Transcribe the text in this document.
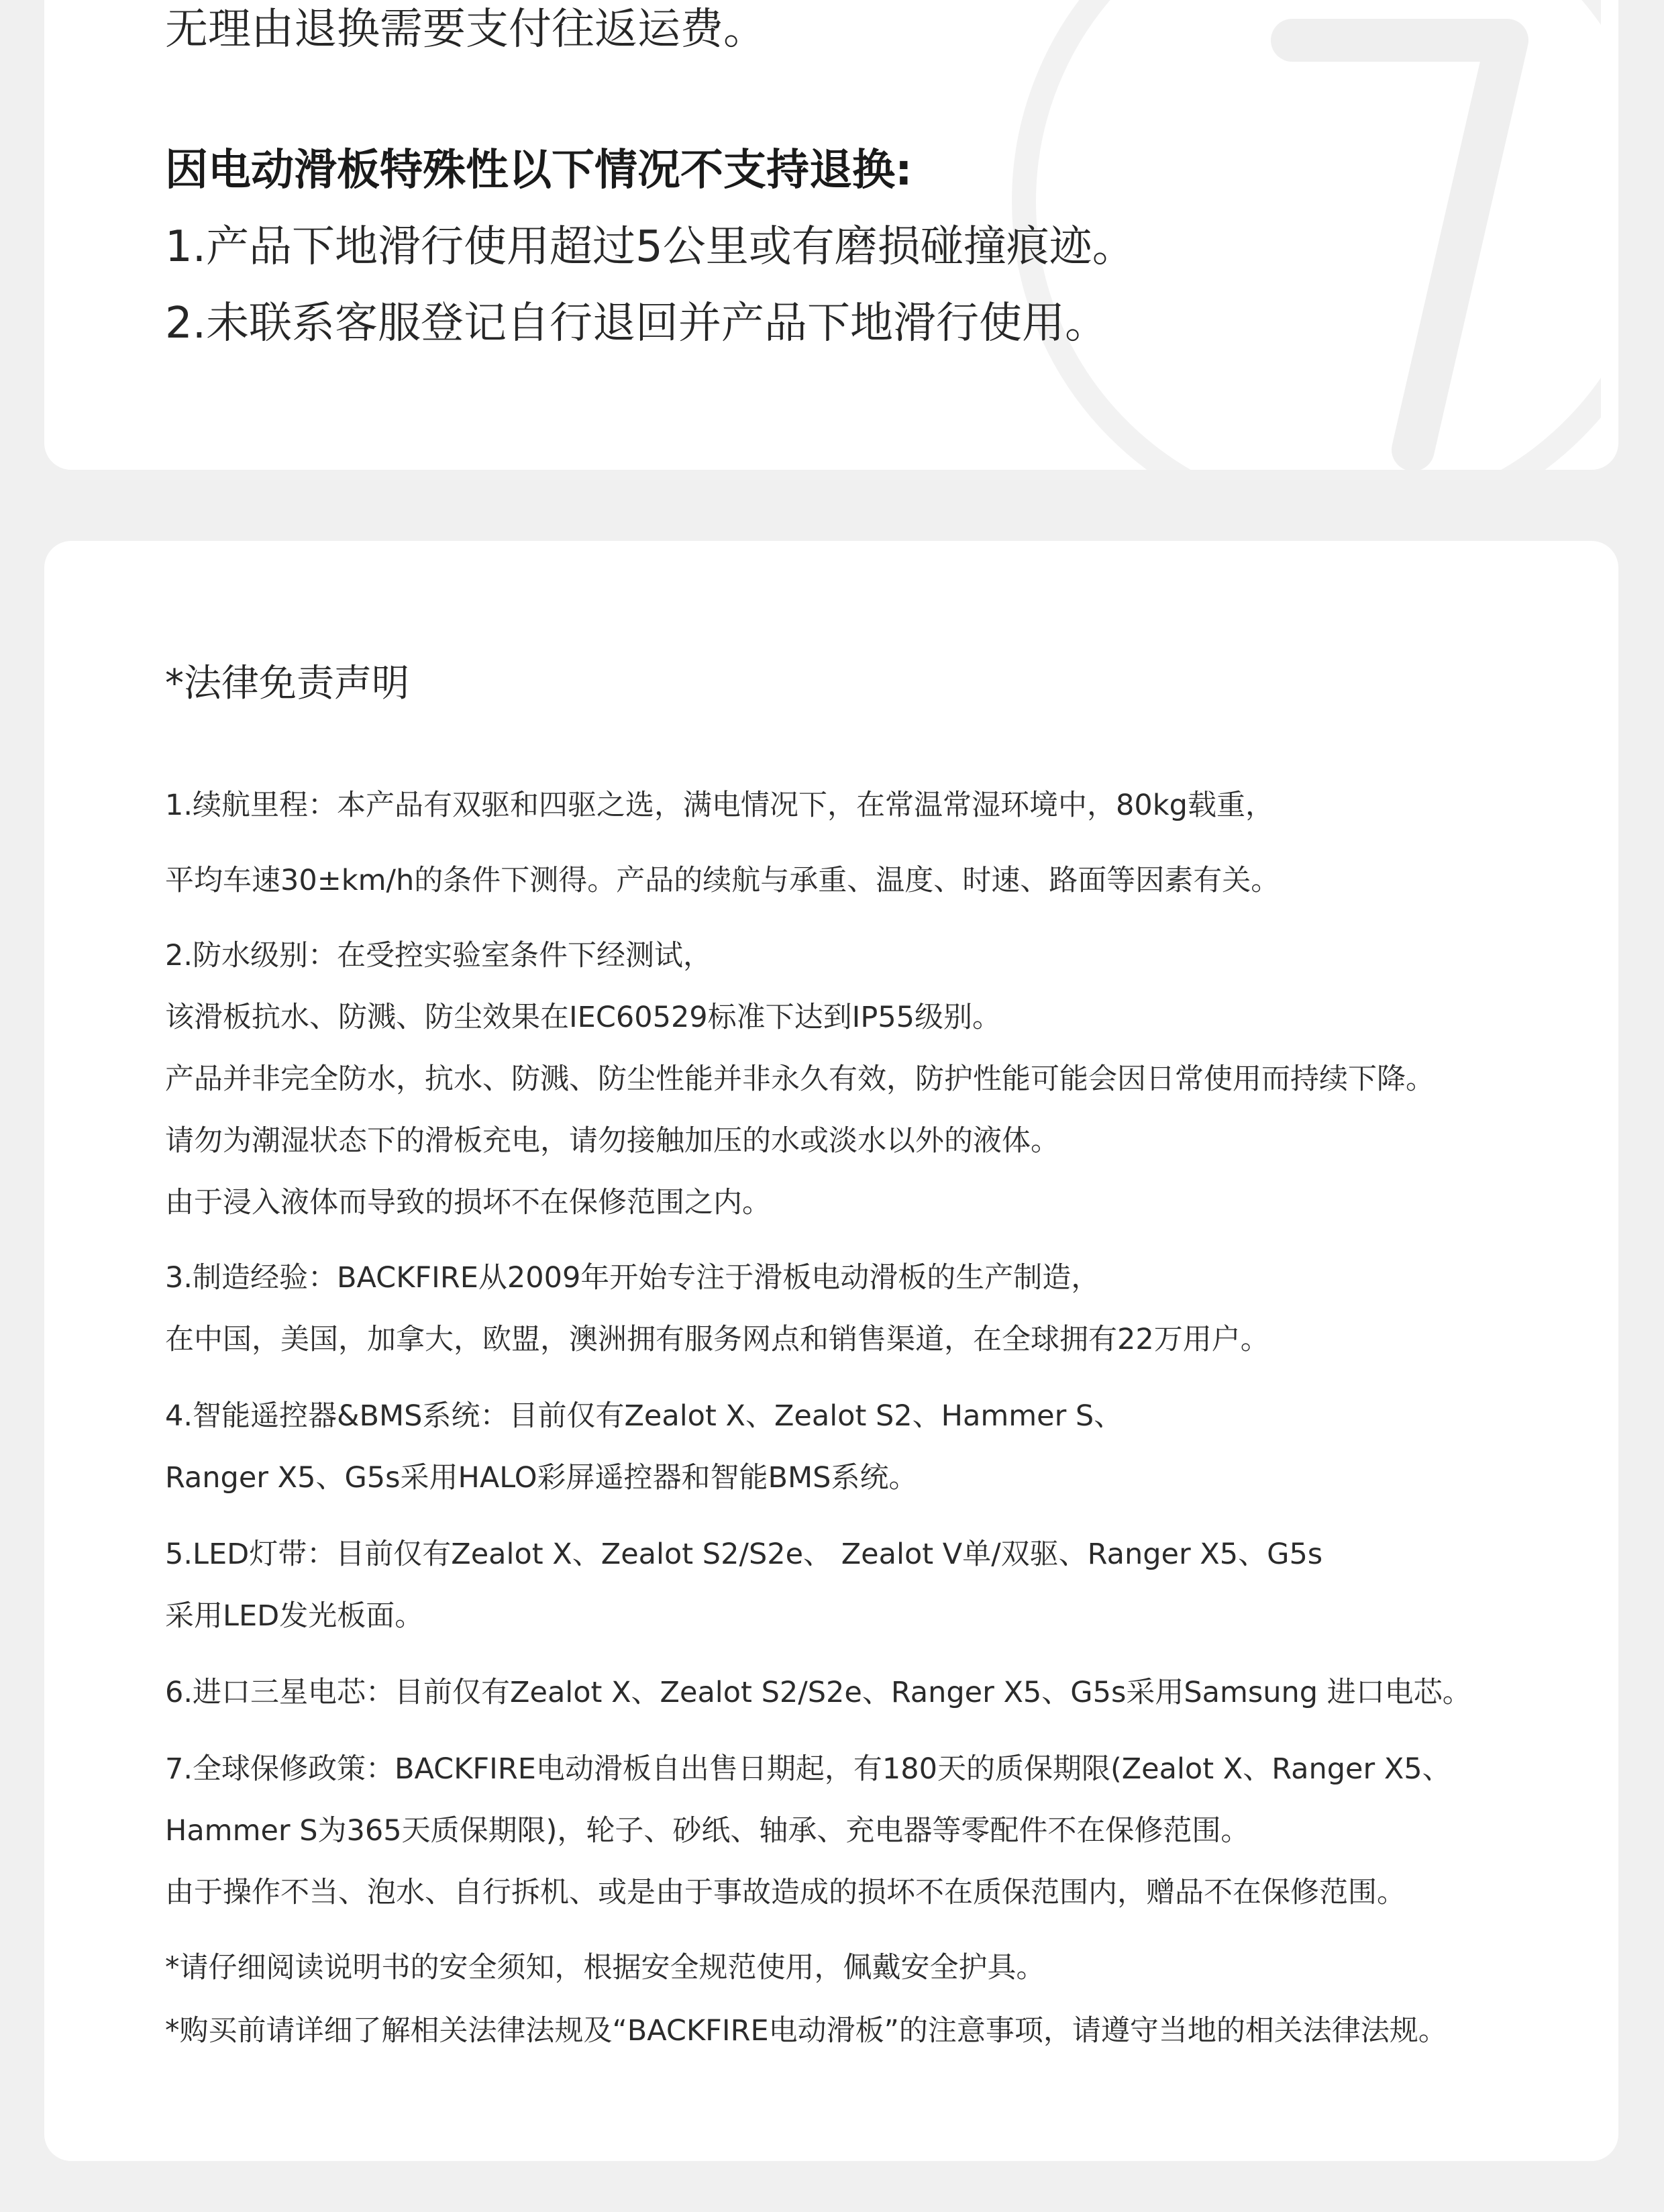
无理由退换需要支付往返运费。

因电动滑板特殊性以下情况不支持退换:

1.产品下地滑行使用超过5公里或有磨损碰撞痕迹。

2.未联系客服登记自行退回并产品下地滑行使用。

*法律免责声明

1.续航里程：本产品有双驱和四驱之选，满电情况下，在常温常湿环境中，80kg载重，

平均车速30±km/h的条件下测得。产品的续航与承重、温度、时速、路面等因素有关。

2.防水级别：在受控实验室条件下经测试，

该滑板抗水、防溅、防尘效果在IEC60529标准下达到IP55级别。

产品并非完全防水，抗水、防溅、防尘性能并非永久有效，防护性能可能会因日常使用而持续下降。

请勿为潮湿状态下的滑板充电，请勿接触加压的水或淡水以外的液体。

由于浸入液体而导致的损坏不在保修范围之内。

3.制造经验：BACKFIRE从2009年开始专注于滑板电动滑板的生产制造，

在中国，美国，加拿大，欧盟，澳洲拥有服务网点和销售渠道，在全球拥有22万用户。

4.智能遥控器&BMS系统：目前仅有Zealot X、Zealot S2、Hammer S、

Ranger X5、G5s采用HALO彩屏遥控器和智能BMS系统。

5.LED灯带：目前仅有Zealot X、Zealot S2/S2e、 Zealot V单/双驱、Ranger X5、G5s

采用LED发光板面。

6.进口三星电芯：目前仅有Zealot X、Zealot S2/S2e、Ranger X5、G5s采用Samsung 进口电芯。

7.全球保修政策：BACKFIRE电动滑板自出售日期起，有180天的质保期限(Zealot X、Ranger X5、

Hammer S为365天质保期限)，轮子、砂纸、轴承、充电器等零配件不在保修范围。

由于操作不当、泡水、自行拆机、或是由于事故造成的损坏不在质保范围内，赠品不在保修范围。

*请仔细阅读说明书的安全须知，根据安全规范使用，佩戴安全护具。

*购买前请详细了解相关法律法规及“BACKFIRE电动滑板”的注意事项，请遵守当地的相关法律法规。
